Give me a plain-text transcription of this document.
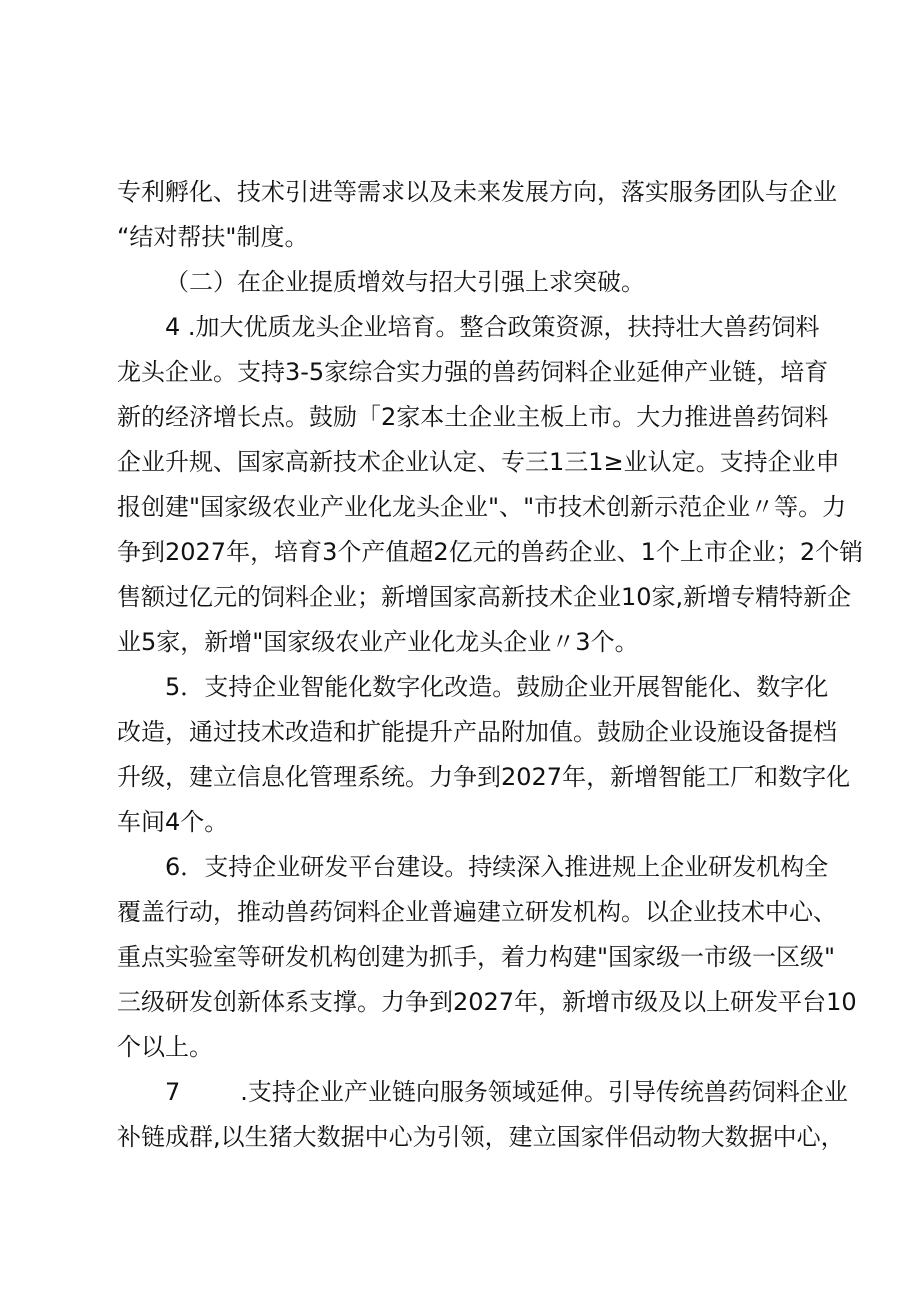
专利孵化、技术引进等需求以及未来发展方向，落实服务团队与企业
“结对帮扶"制度。
（二）在企业提质增效与招大引强上求突破。
4 .加大优质龙头企业培育。整合政策资源，扶持壮大兽药饲料
龙头企业。支持3-5家综合实力强的兽药饲料企业延伸产业链，培育
新的经济增长点。鼓励「2家本土企业主板上市。大力推进兽药饲料
企业升规、国家高新技术企业认定、专三1三1≥业认定。支持企业申
报创建"国家级农业产业化龙头企业"、"市技术创新示范企业〃等。力
争到2027年，培育3个产值超2亿元的兽药企业、1个上市企业；2个销
售额过亿元的饲料企业；新增国家高新技术企业10家,新增专精特新企
业5家，新增"国家级农业产业化龙头企业〃3个。
5．支持企业智能化数字化改造。鼓励企业开展智能化、数字化
改造，通过技术改造和扩能提升产品附加值。鼓励企业设施设备提档
升级，建立信息化管理系统。力争到2027年，新增智能工厂和数字化
车间4个。
6．支持企业研发平台建设。持续深入推进规上企业研发机构全
覆盖行动，推动兽药饲料企业普遍建立研发机构。以企业技术中心、
重点实验室等研发机构创建为抓手，着力构建"国家级一市级一区级"
三级研发创新体系支撑。力争到2027年，新增市级及以上研发平台10
个以上。
7	.支持企业产业链向服务领域延伸。引导传统兽药饲料企业
补链成群,以生猪大数据中心为引领，建立国家伴侣动物大数据中心，
